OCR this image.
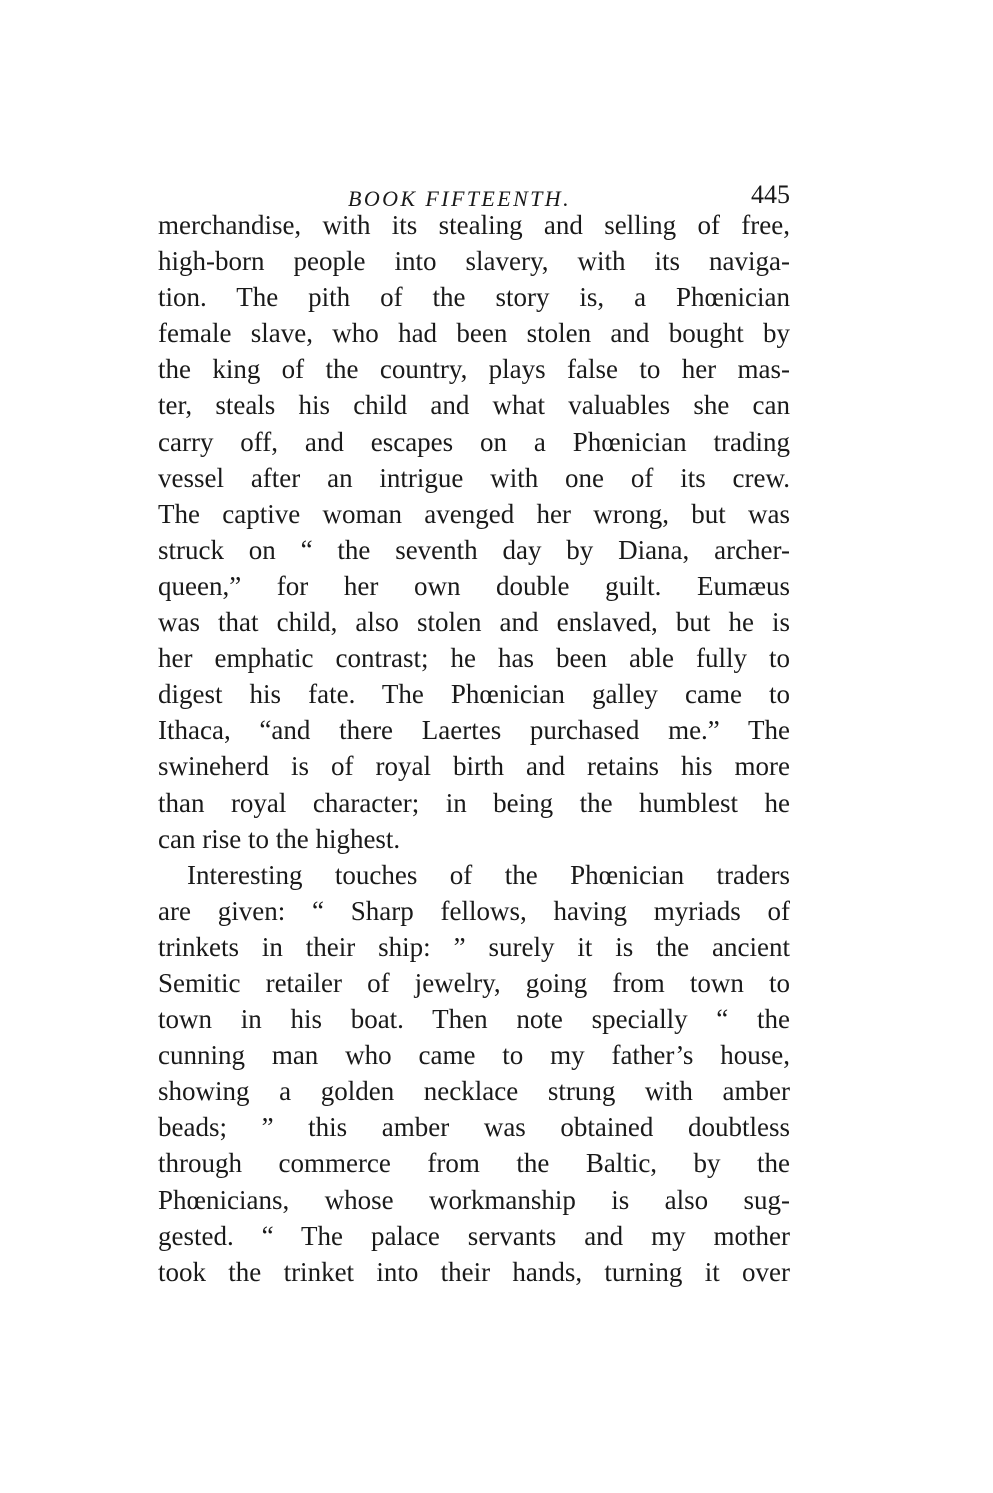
BOOK FIFTEENTH.	445
merchandise, with its stealing and selling of free,
high-born people into slavery, with its naviga-
tion. The pith of the story is, a Phœnician
female slave, who had been stolen and bought by
the king of the country, plays false to her mas-
ter, steals his child and what valuables she can
carry off, and escapes on a Phœnician trading
vessel after an intrigue with one of its crew.
The captive woman avenged her wrong, but was
struck on “ the seventh day by Diana, archer-
queen,” for her own double guilt. Eumæus
was that child, also stolen and enslaved, but he is
her emphatic contrast; he has been able fully to
digest his fate. The Phœnician galley came to
Ithaca, “and there Laertes purchased me.” The
swineherd is of royal birth and retains his more
than royal character; in being the humblest he
can rise to the highest.
Interesting touches of the Phœnician traders
are given: “ Sharp fellows, having myriads of
trinkets in their ship: ” surely it is the ancient
Semitic retailer of jewelry, going from town to
town in his boat. Then note specially “ the
cunning man who came to my father’s house,
showing a golden necklace strung with amber
beads; ” this amber was obtained doubtless
through commerce from the Baltic, by the
Phœnicians, whose workmanship is also sug-
gested. “ The palace servants and my mother
took the trinket into their hands, turning it over
